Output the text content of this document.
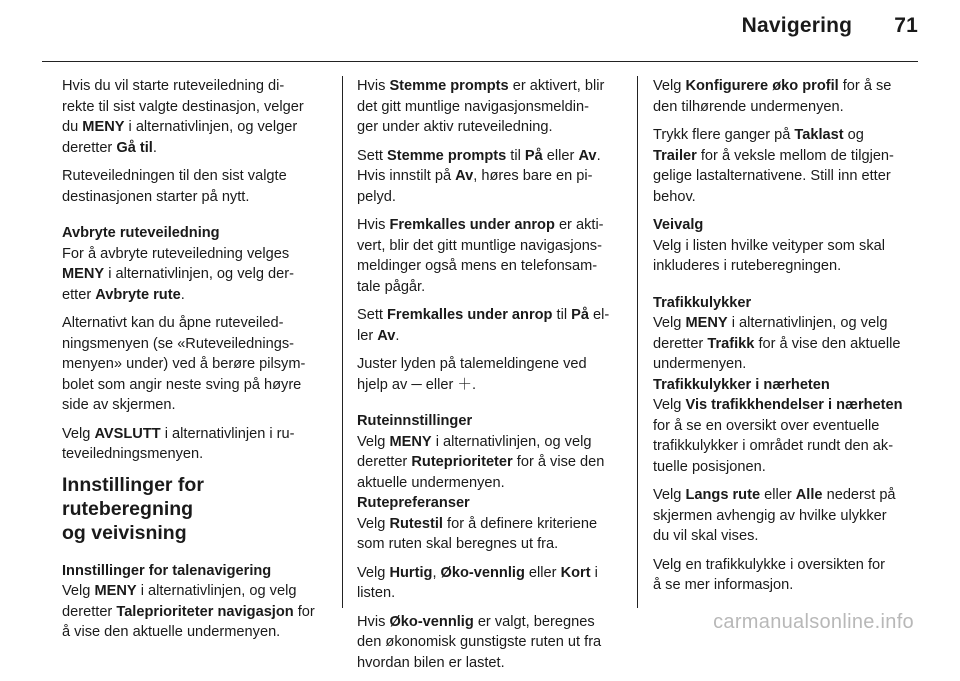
Navigering 71

Hvis du vil starte ruteveiledning di-
rekte til sist valgte destinasjon, velger
du MENY i alternativlinjen, og velger
deretter Gå til.

Ruteveiledningen til den sist valgte
destinasjonen starter på nytt.

Avbryte ruteveiledning

For å avbryte ruteveiledning velges
MENY i alternativlinjen, og velg der-
etter Avbryte rute.

Alternativt kan du åpne ruteveiled-
ningsmenyen (se «Ruteveilednings-
menyen» under) ved å berøre pilsym-
bolet som angir neste sving på høyre
side av skjermen.

Velg AVSLUTT i alternativlinjen i ru-
teveiledningsmenyen.

Innstillinger for ruteberegning
og veivisning
Innstillinger for talenavigering

Velg MENY i alternativlinjen, og velg
deretter Taleprioriteter navigasjon for
å vise den aktuelle undermenyen.

Hvis Stemme prompts er aktivert, blir
det gitt muntlige navigasjonsmeldin-
ger under aktiv ruteveiledning.

Sett Stemme prompts til På eller Av.
Hvis innstilt på Av, høres bare en pi-
pelyd.

Hvis Fremkalles under anrop er akti-
vert, blir det gitt muntlige navigasjons-
meldinger også mens en telefonsam-
tale pågår.

Sett Fremkalles under anrop til På el-
ler Av.

Juster lyden på talemeldingene ved
hjelp av ─ eller ＋.

Ruteinnstillinger

Velg MENY i alternativlinjen, og velg
deretter Ruteprioriteter for å vise den
aktuelle undermenyen.

Rutepreferanser

Velg Rutestil for å definere kriteriene
som ruten skal beregnes ut fra.

Velg Hurtig, Øko-vennlig eller Kort i
listen.

Hvis Øko-vennlig er valgt, beregnes
den økonomisk gunstigste ruten ut fra
hvordan bilen er lastet.

Velg Konfigurere øko profil for å se
den tilhørende undermenyen.

Trykk flere ganger på Taklast og
Trailer for å veksle mellom de tilgjen-
gelige lastalternativene. Still inn etter
behov.

Veivalg

Velg i listen hvilke veityper som skal
inkluderes i ruteberegningen.

Trafikkulykker

Velg MENY i alternativlinjen, og velg
deretter Trafikk for å vise den aktuelle
undermenyen.

Trafikkulykker i nærheten

Velg Vis trafikkhendelser i nærheten
for å se en oversikt over eventuelle
trafikkulykker i området rundt den ak-
tuelle posisjonen.

Velg Langs rute eller Alle nederst på
skjermen avhengig av hvilke ulykker
du vil skal vises.

Velg en trafikkulykke i oversikten for
å se mer informasjon.

carmanualsonline.info
